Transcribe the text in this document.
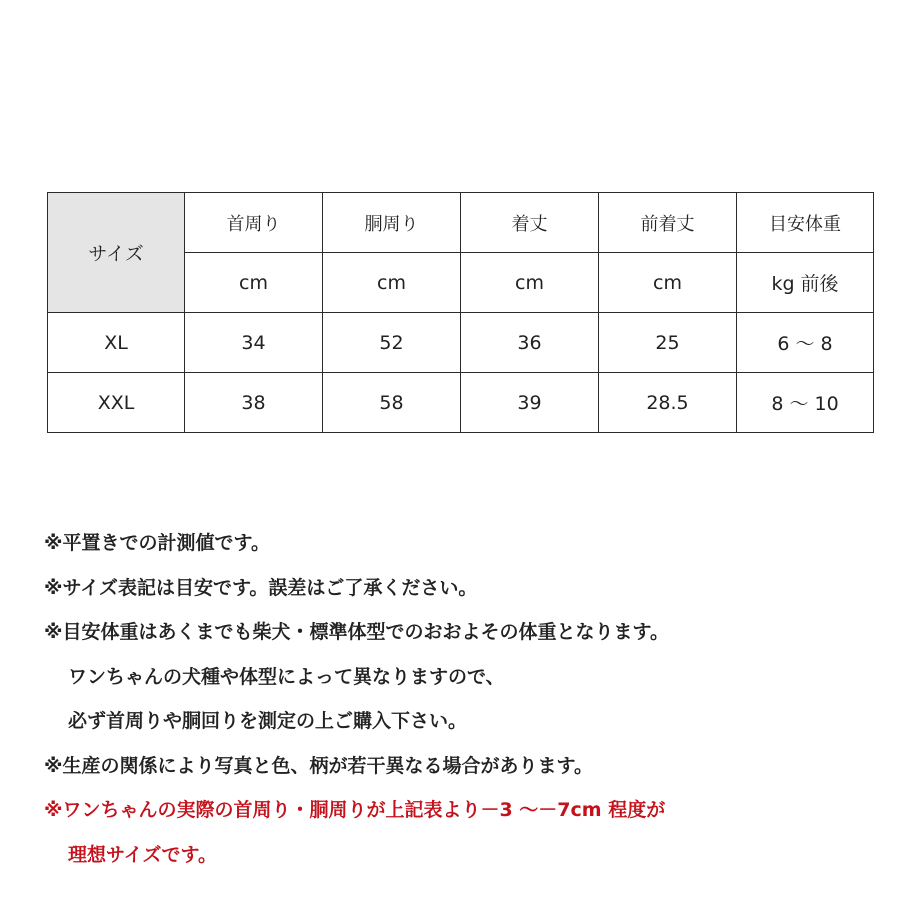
サイズ	首周り	胴周り	着丈	前着丈	目安体重
	cm	cm	cm	cm	kg 前後
XL	34	52	36	25	6 〜 8
XXL	38	58	39	28.5	8 〜 10
※平置きでの計測値です。
※サイズ表記は目安です。誤差はご了承ください。
※目安体重はあくまでも柴犬・標準体型でのおおよその体重となります。
ワンちゃんの犬種や体型によって異なりますので、
必ず首周りや胴回りを測定の上ご購入下さい。
※生産の関係により写真と色、柄が若干異なる場合があります。
※ワンちゃんの実際の首周り・胴周りが上記表より－3 〜－7cm 程度が
理想サイズです。
